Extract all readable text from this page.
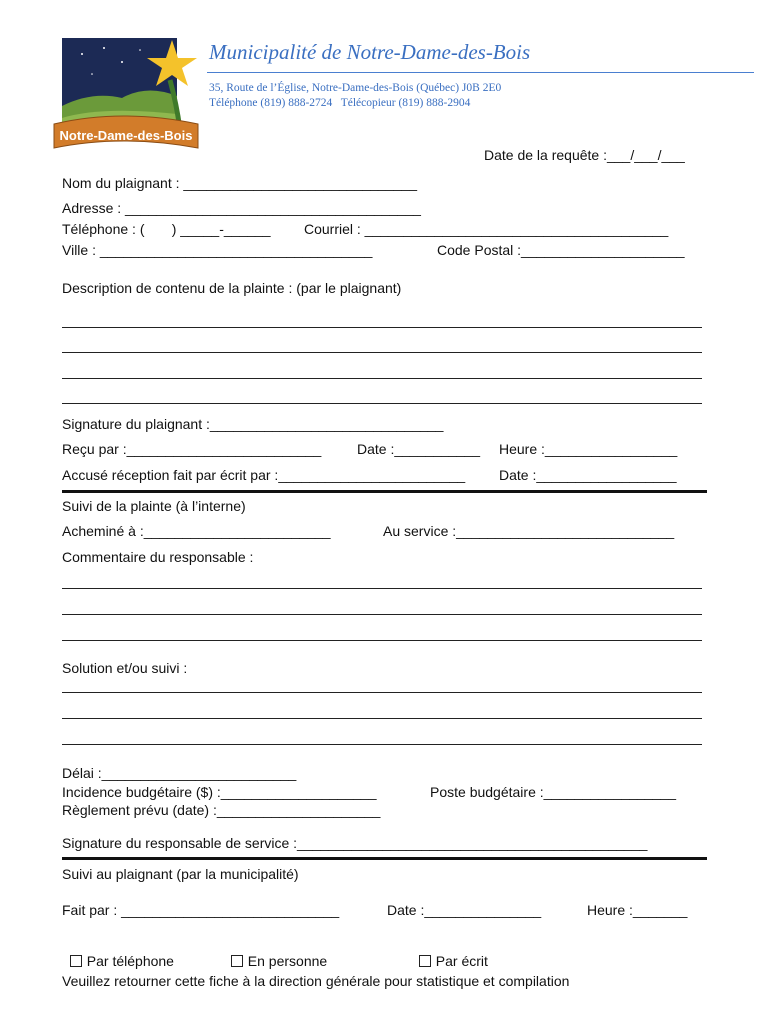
Notre-Dame-des-Bois
Municipalité de Notre-Dame-des-Bois
35, Route de l’Église, Notre-Dame-des-Bois (Québec) J0B 2E0
Téléphone (819) 888-2724   Télécopieur (819) 888-2904
Date de la requête :___/___/___
Nom du plaignant : ______________________________
Adresse : ______________________________________
Téléphone : (       ) _____-______ Courriel : _______________________________________
Ville : ___________________________________	Code Postal :_____________________
Description de contenu de la plainte : (par le plaignant)
Signature du plaignant :______________________________
Reçu par :_________________________	Date :___________ Heure :_________________
Accusé réception fait par écrit par :________________________ Date :__________________
Suivi de la plainte (à l’interne)
Acheminé à :________________________	Au service :____________________________
Commentaire du responsable :
Solution et/ou suivi :
Délai :_________________________
Incidence budgétaire ($) :____________________	Poste budgétaire :_________________
Règlement prévu (date) :_____________________
Signature du responsable de service :_____________________________________________
Suivi au plaignant (par la municipalité)
Fait par : ____________________________	Date :_______________	Heure :_______

Par téléphone	En personne	Par écrit

Veuillez retourner cette fiche à la direction générale pour statistique et compilation
